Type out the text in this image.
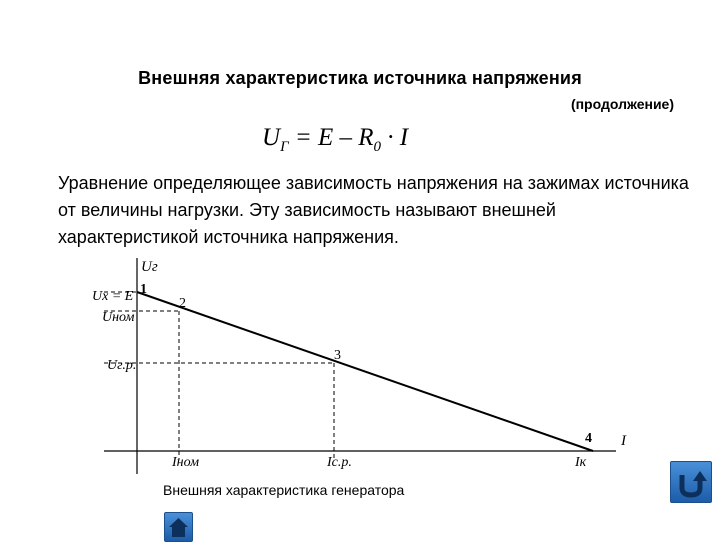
Внешняя характеристика источника напряжения
(продолжение)
$U_Г = E - R_0 \cdot I$

Уравнение определяющее зависимость напряжения на зажимах источника от величины нагрузки. Эту зависимость называют внешней характеристикой источника напряжения.

Uг
I
Uх = E
Uном
Uг.р.
Iном	Iс.р.	Iк
1
2
3
4
Внешняя характеристика генератора
